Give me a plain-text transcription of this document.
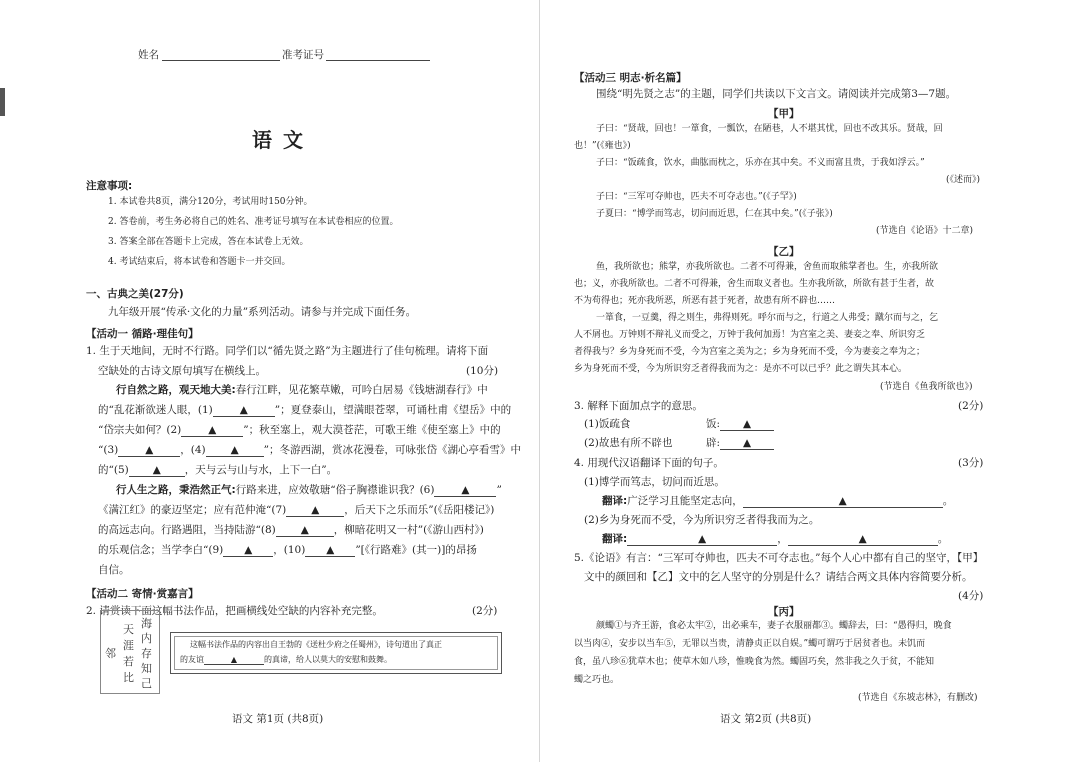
姓名	准考证号
语 文
注意事项:
1. 本试卷共8页，满分120分，考试用时150分钟。
2. 答卷前，考生务必将自己的姓名、准考证号填写在本试卷相应的位置。
3. 答案全部在答题卡上完成，答在本试卷上无效。
4. 考试结束后，将本试卷和答题卡一并交回。
一、古典之美(27分)
九年级开展“传承·文化的力量”系列活动。请参与并完成下面任务。
【活动一 循路·理佳句】
1. 生于天地间，无时不行路。同学们以“循先贤之路”为主题进行了佳句梳理。请将下面
空缺处的古诗文原句填写在横线上。	(10分)
行自然之路，观天地大美:春行江畔，见花繁草嫩，可吟白居易《钱塘湖春行》中
的“乱花渐欲迷人眼，(1)	▲	”；夏登泰山，望满眼苍翠，可诵杜甫《望岳》中的
“岱宗夫如何？(2)	▲	”；秋至塞上，观大漠苍茫，可歌王维《使至塞上》中的
“(3)	▲	，(4) ▲ ”；冬游西湖，赏冰花漫卷，可咏张岱《湖心亭看雪》中
的“(5) ▲ ，天与云与山与水，上下一白”。
行人生之路，秉浩然正气:行路来进，应效敬瑭“俗子胸襟谁识我？(6)	▲	”
《满江红》的豪迈坚定；应有范仲淹“(7) ▲ ，后天下之乐而乐”(《岳阳楼记》)
的高远志向。行路遇阻，当持陆游“(8) ▲ ，柳暗花明又一村”(《游山西村》)
的乐观信念；当学李白“(9) ▲ ，(10) ▲ ”[《行路难》(其一)]的昂扬
自信。
【活动二 寄情·赏嘉言】
2. 请赏读下面这幅书法作品，把画横线处空缺的内容补充完整。	(2分)
海
内
存
知
己
天
涯
若
比
邻
这幅书法作品的内容出自王勃的《送杜少府之任蜀州》，诗句道出了真正
的友谊	▲	的真谛，给人以莫大的安慰和鼓舞。
语文 第1页 (共8页)
【活动三 明志·析名篇】
围绕“明先贤之志”的主题，同学们共读以下文言文。请阅读并完成第3—7题。
【甲】
子曰：“贤哉，回也！一箪食，一瓢饮，在陋巷，人不堪其忧，回也不改其乐。贤哉，回
也！”(《雍也》)
子曰：“饭疏食，饮水，曲肱而枕之，乐亦在其中矣。不义而富且贵，于我如浮云。”
(《述而》)
子曰：“三军可夺帅也，匹夫不可夺志也。”(《子罕》)
子夏曰：“博学而笃志，切问而近思，仁在其中矣。”(《子张》)
(节选自《论语》十二章)
【乙】
鱼，我所欲也；熊掌，亦我所欲也。二者不可得兼，舍鱼而取熊掌者也。生，亦我所欲
也；义，亦我所欲也。二者不可得兼，舍生而取义者也。生亦我所欲，所欲有甚于生者，故
不为苟得也；死亦我所恶，所恶有甚于死者，故患有所不辟也……
一箪食，一豆羹，得之则生，弗得则死。呼尔而与之，行道之人弗受；蹴尔而与之，乞
人不屑也。万钟则不辩礼义而受之，万钟于我何加焉！为宫室之美、妻妾之奉、所识穷乏
者得我与？乡为身死而不受，今为宫室之美为之；乡为身死而不受，今为妻妾之奉为之；
乡为身死而不受，今为所识穷乏者得我而为之：是亦不可以已乎？此之谓失其本心。
(节选自《鱼我所欲也》)
3. 解释下面加点字的意思。	(2分)
(1)饭疏食	饭: ▲
(2)故患有所不辟也	辟: ▲
4. 用现代汉语翻译下面的句子。	(3分)
(1)博学而笃志，切问而近思。
翻译:广泛学习且能坚定志向，	▲	。
(2)乡为身死而不受，今为所识穷乏者得我而为之。
翻译:	▲	，	▲	。
5.《论语》有言：“三军可夺帅也，匹夫不可夺志也。”每个人心中都有自己的坚守，【甲】
文中的颜回和【乙】文中的乞人坚守的分别是什么？请结合两文具体内容简要分析。
(4分)
【丙】
颜蠋①与齐王游，食必太牢②，出必乘车，妻子衣服丽都③。蠋辞去，曰：“愚得归，晚食
以当肉④，安步以当车⑤，无罪以当贵，清静贞正以自娱。”蠋可谓巧于居贫者也。未饥而
食，虽八珍⑥犹草木也；使草木如八珍，惟晚食为然。蠋固巧矣，然非我之久于贫，不能知
蠋之巧也。
(节选自《东坡志林》，有删改)
语文 第2页 (共8页)
